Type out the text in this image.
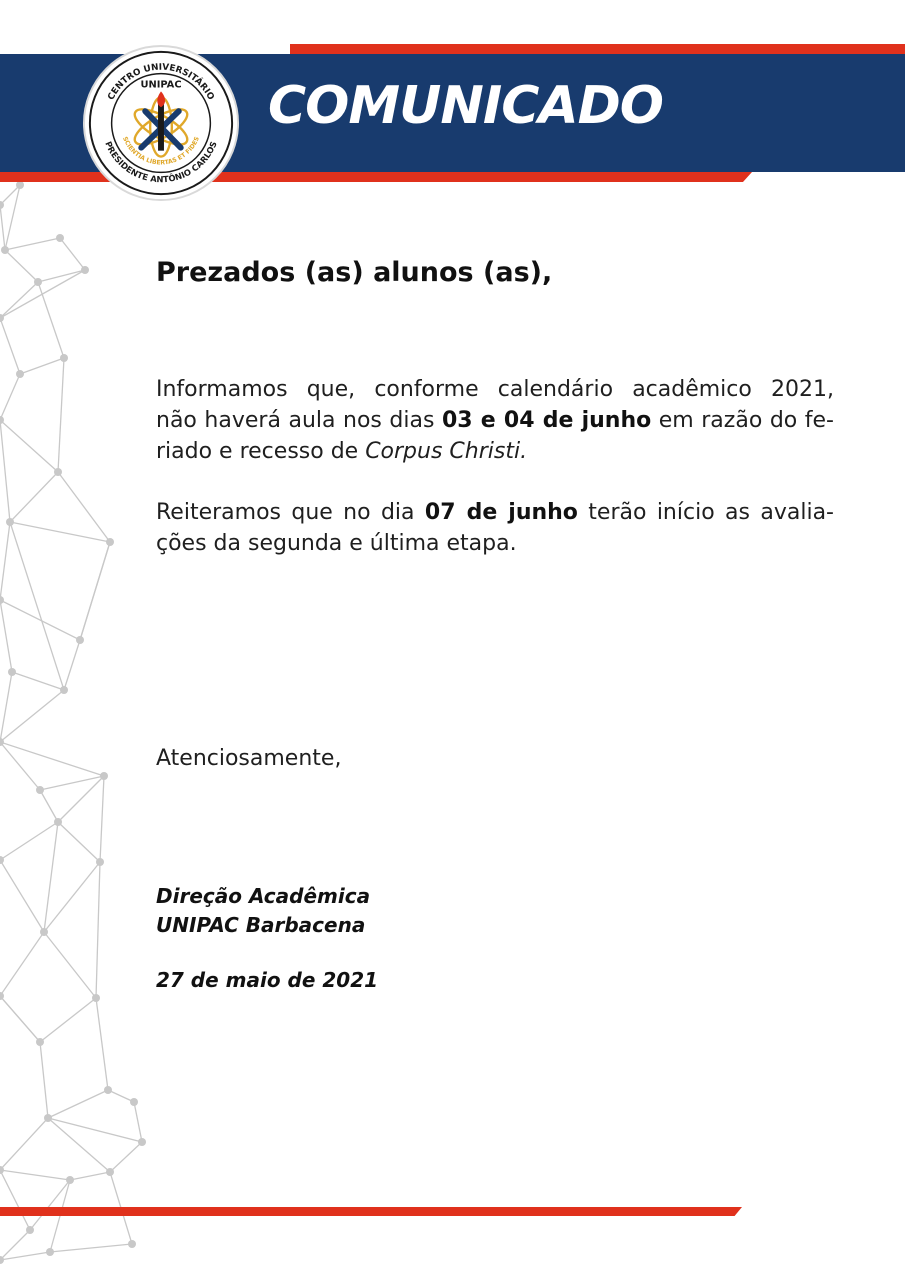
COMUNICADO
CENTRO UNIVERSITÁRIO
PRESIDENTE ANTÔNIO CARLOS
UNIPAC
SCIENTIA LIBERTAS ET FIDES
Prezados (as) alunos (as),
Informamos que, conforme calendário acadêmico 2021,
não haverá aula nos dias 03 e 04 de junho em razão do fe-
riado e recesso de Corpus Christi.
Reiteramos que no dia 07 de junho terão início as avalia-
ções da segunda e última etapa.
Atenciosamente,
Direção Acadêmica
UNIPAC Barbacena
27 de maio de 2021
